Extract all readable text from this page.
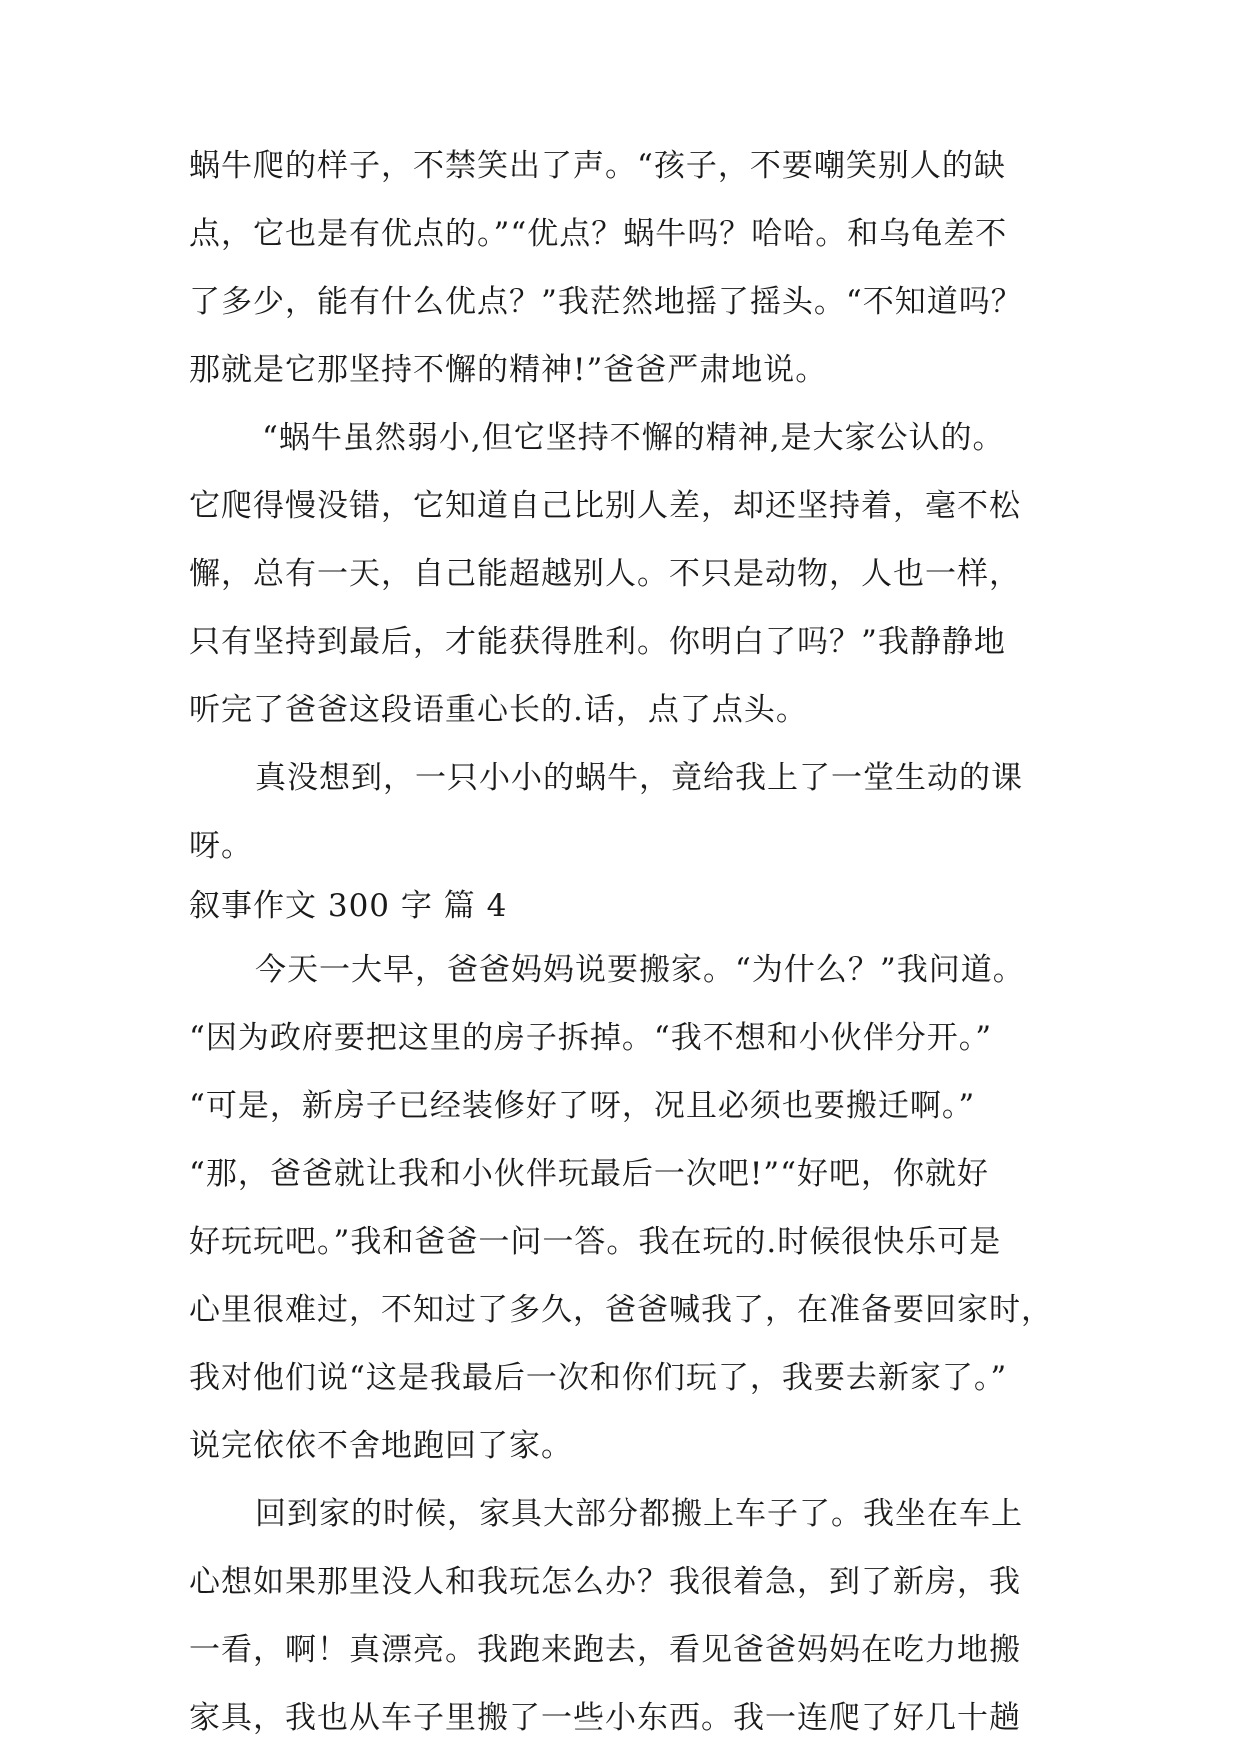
蜗牛爬的样子，不禁笑出了声。“孩子，不要嘲笑别人的缺
点，它也是有优点的。”“优点？蜗牛吗？哈哈。和乌龟差不
了多少，能有什么优点？”我茫然地摇了摇头。“不知道吗？
那就是它那坚持不懈的精神!”爸爸严肃地说。
“蜗牛虽然弱小,但它坚持不懈的精神,是大家公认的。
它爬得慢没错，它知道自己比别人差，却还坚持着，毫不松
懈，总有一天，自己能超越别人。不只是动物，人也一样，
只有坚持到最后，才能获得胜利。你明白了吗？”我静静地
听完了爸爸这段语重心长的.话，点了点头。
真没想到，一只小小的蜗牛，竟给我上了一堂生动的课
呀。
叙事作文 300 字 篇 4
今天一大早，爸爸妈妈说要搬家。“为什么？”我问道。
“因为政府要把这里的房子拆掉。“我不想和小伙伴分开。”
“可是，新房子已经装修好了呀，况且必须也要搬迁啊。”
“那，爸爸就让我和小伙伴玩最后一次吧!”“好吧，你就好
好玩玩吧。”我和爸爸一问一答。我在玩的.时候很快乐可是
心里很难过，不知过了多久，爸爸喊我了，在准备要回家时，
我对他们说“这是我最后一次和你们玩了，我要去新家了。”
说完依依不舍地跑回了家。
回到家的时候，家具大部分都搬上车子了。我坐在车上
心想如果那里没人和我玩怎么办？我很着急，到了新房，我
一看，啊！真漂亮。我跑来跑去，看见爸爸妈妈在吃力地搬
家具，我也从车子里搬了一些小东西。我一连爬了好几十趟
